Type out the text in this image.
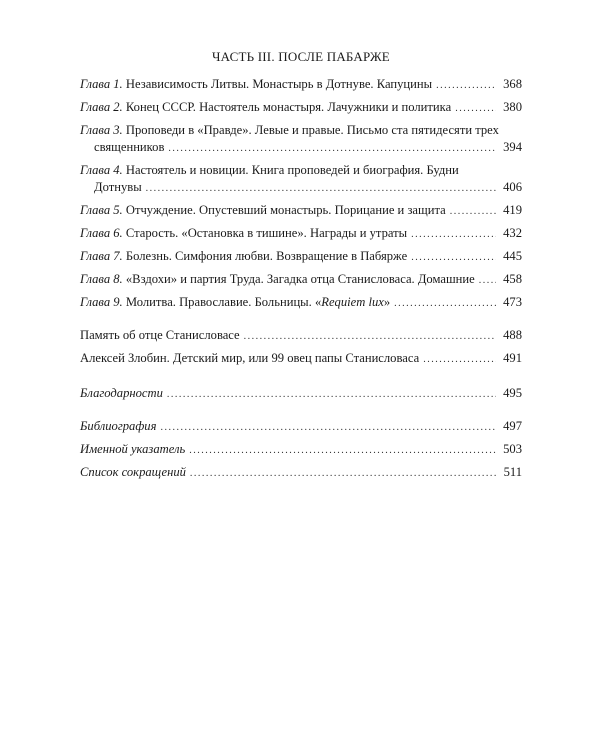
ЧАСТЬ III. ПОСЛЕ ПАБАРЖЕ
Глава 1. Независимость Литвы. Монастырь в Дотнуве. Капуцины .....	368
Глава 2. Конец СССР. Настоятель монастыря. Лачужники и политика .....	380
Глава 3. Проповеди в «Правде». Левые и правые. Письмо ста пятидесяти трех
священников .....	394
Глава 4. Настоятель и новиции. Книга проповедей и биография. Будни
Дотнувы .....	406
Глава 5. Отчуждение. Опустевший монастырь. Порицание и защита .....	419
Глава 6. Старость. «Остановка в тишине». Награды и утраты .....	432
Глава 7. Болезнь. Симфония любви. Возвращение в Пабярже .....	445
Глава 8. «Вздохи» и партия Труда. Загадка отца Станисловаса. Домашние ..... 458
Глава 9. Молитва. Православие. Больницы. «Requiem lux» .....	473
Память об отце Станисловасе .....	488
Алексей Злобин. Детский мир, или 99 овец папы Станисловаса .....	491
Благодарности .....	495
Библиография .....	497
Именной указатель .....	503
Список сокращений .....	511
